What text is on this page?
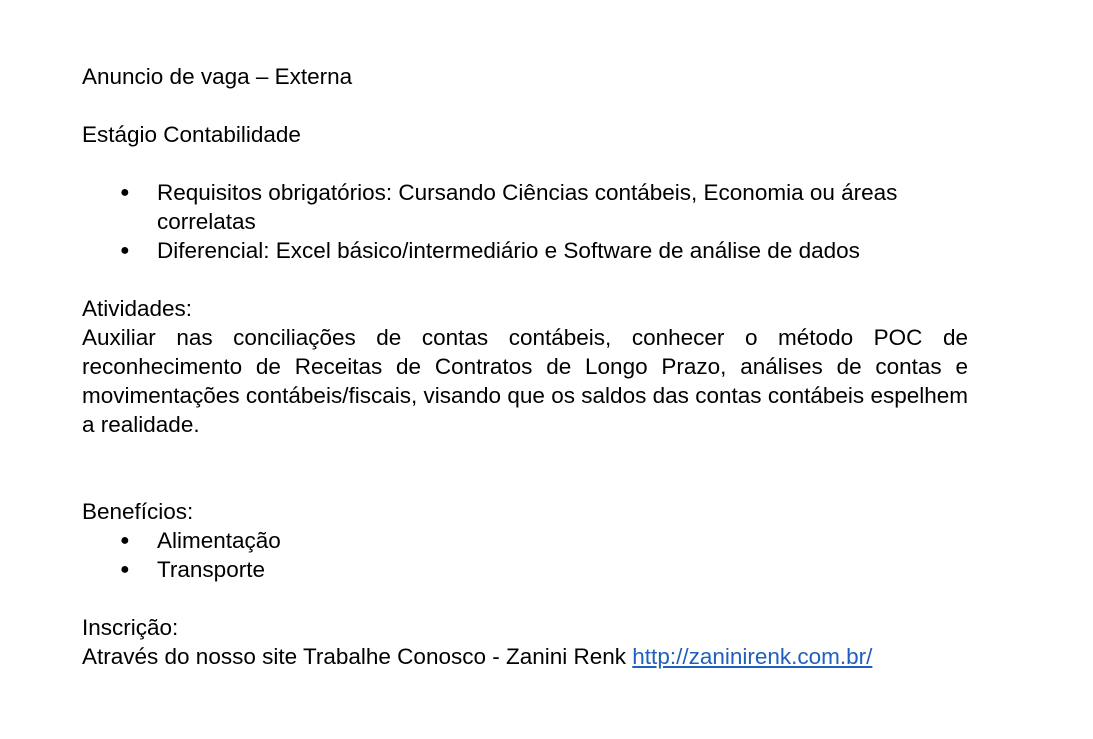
Anuncio de vaga – Externa

Estágio Contabilidade

● Requisitos obrigatórios: Cursando Ciências contábeis, Economia ou áreas correlatas
● Diferencial: Excel básico/intermediário e Software de análise de dados

Atividades:

Auxiliar nas conciliações de contas contábeis, conhecer o método POC de reconhecimento de Receitas de Contratos de Longo Prazo, análises de contas e movimentações contábeis/fiscais, visando que os saldos das contas contábeis espelhem a realidade.

Benefícios:

● Alimentação
● Transporte

Inscrição:

Através do nosso site Trabalhe Conosco - Zanini Renk http://zaninirenk.com.br/
